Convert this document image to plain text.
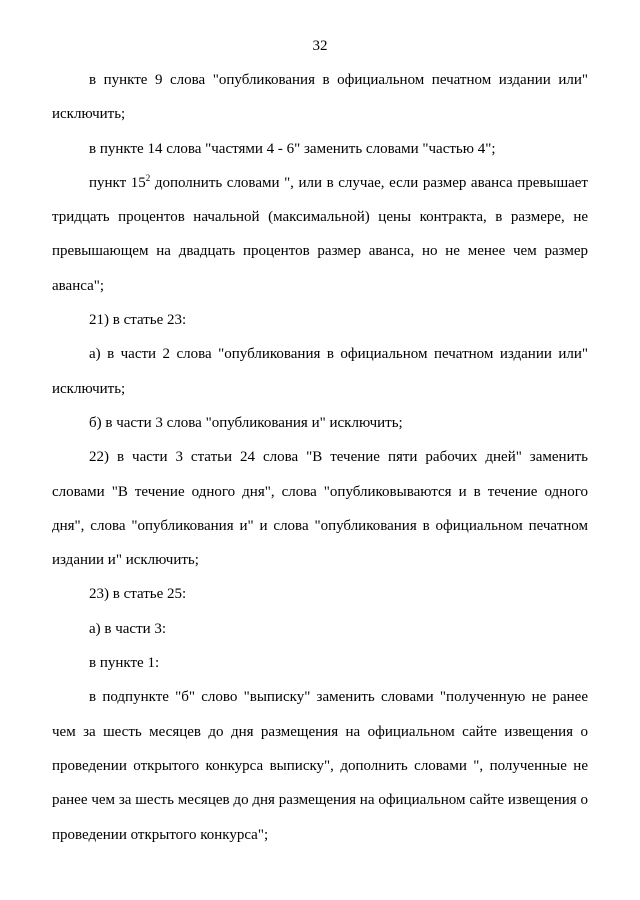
32

в пункте 9 слова "опубликования в официальном печатном издании или" исключить;

в пункте 14 слова "частями 4 - 6" заменить словами "частью 4";

пункт $15^2$ дополнить словами ", или в случае, если размер аванса превышает тридцать процентов начальной (максимальной) цены контракта, в размере, не превышающем на двадцать процентов размер аванса, но не менее чем размер аванса";

21) в статье 23:

а) в части 2 слова "опубликования в официальном печатном издании или" исключить;

б) в части 3 слова "опубликования и" исключить;

22) в части 3 статьи 24 слова "В течение пяти рабочих дней" заменить словами "В течение одного дня", слова "опубликовываются и в течение одного дня", слова "опубликования и" и слова "опубликования в официальном печатном издании и" исключить;

23) в статье 25:

а) в части 3:

в пункте 1:

в подпункте "б" слово "выписку" заменить словами "полученную не ранее чем за шесть месяцев до дня размещения на официальном сайте извещения о проведении открытого конкурса выписку", дополнить словами ", полученные не ранее чем за шесть месяцев до дня размещения на официальном сайте извещения о проведении открытого конкурса";
